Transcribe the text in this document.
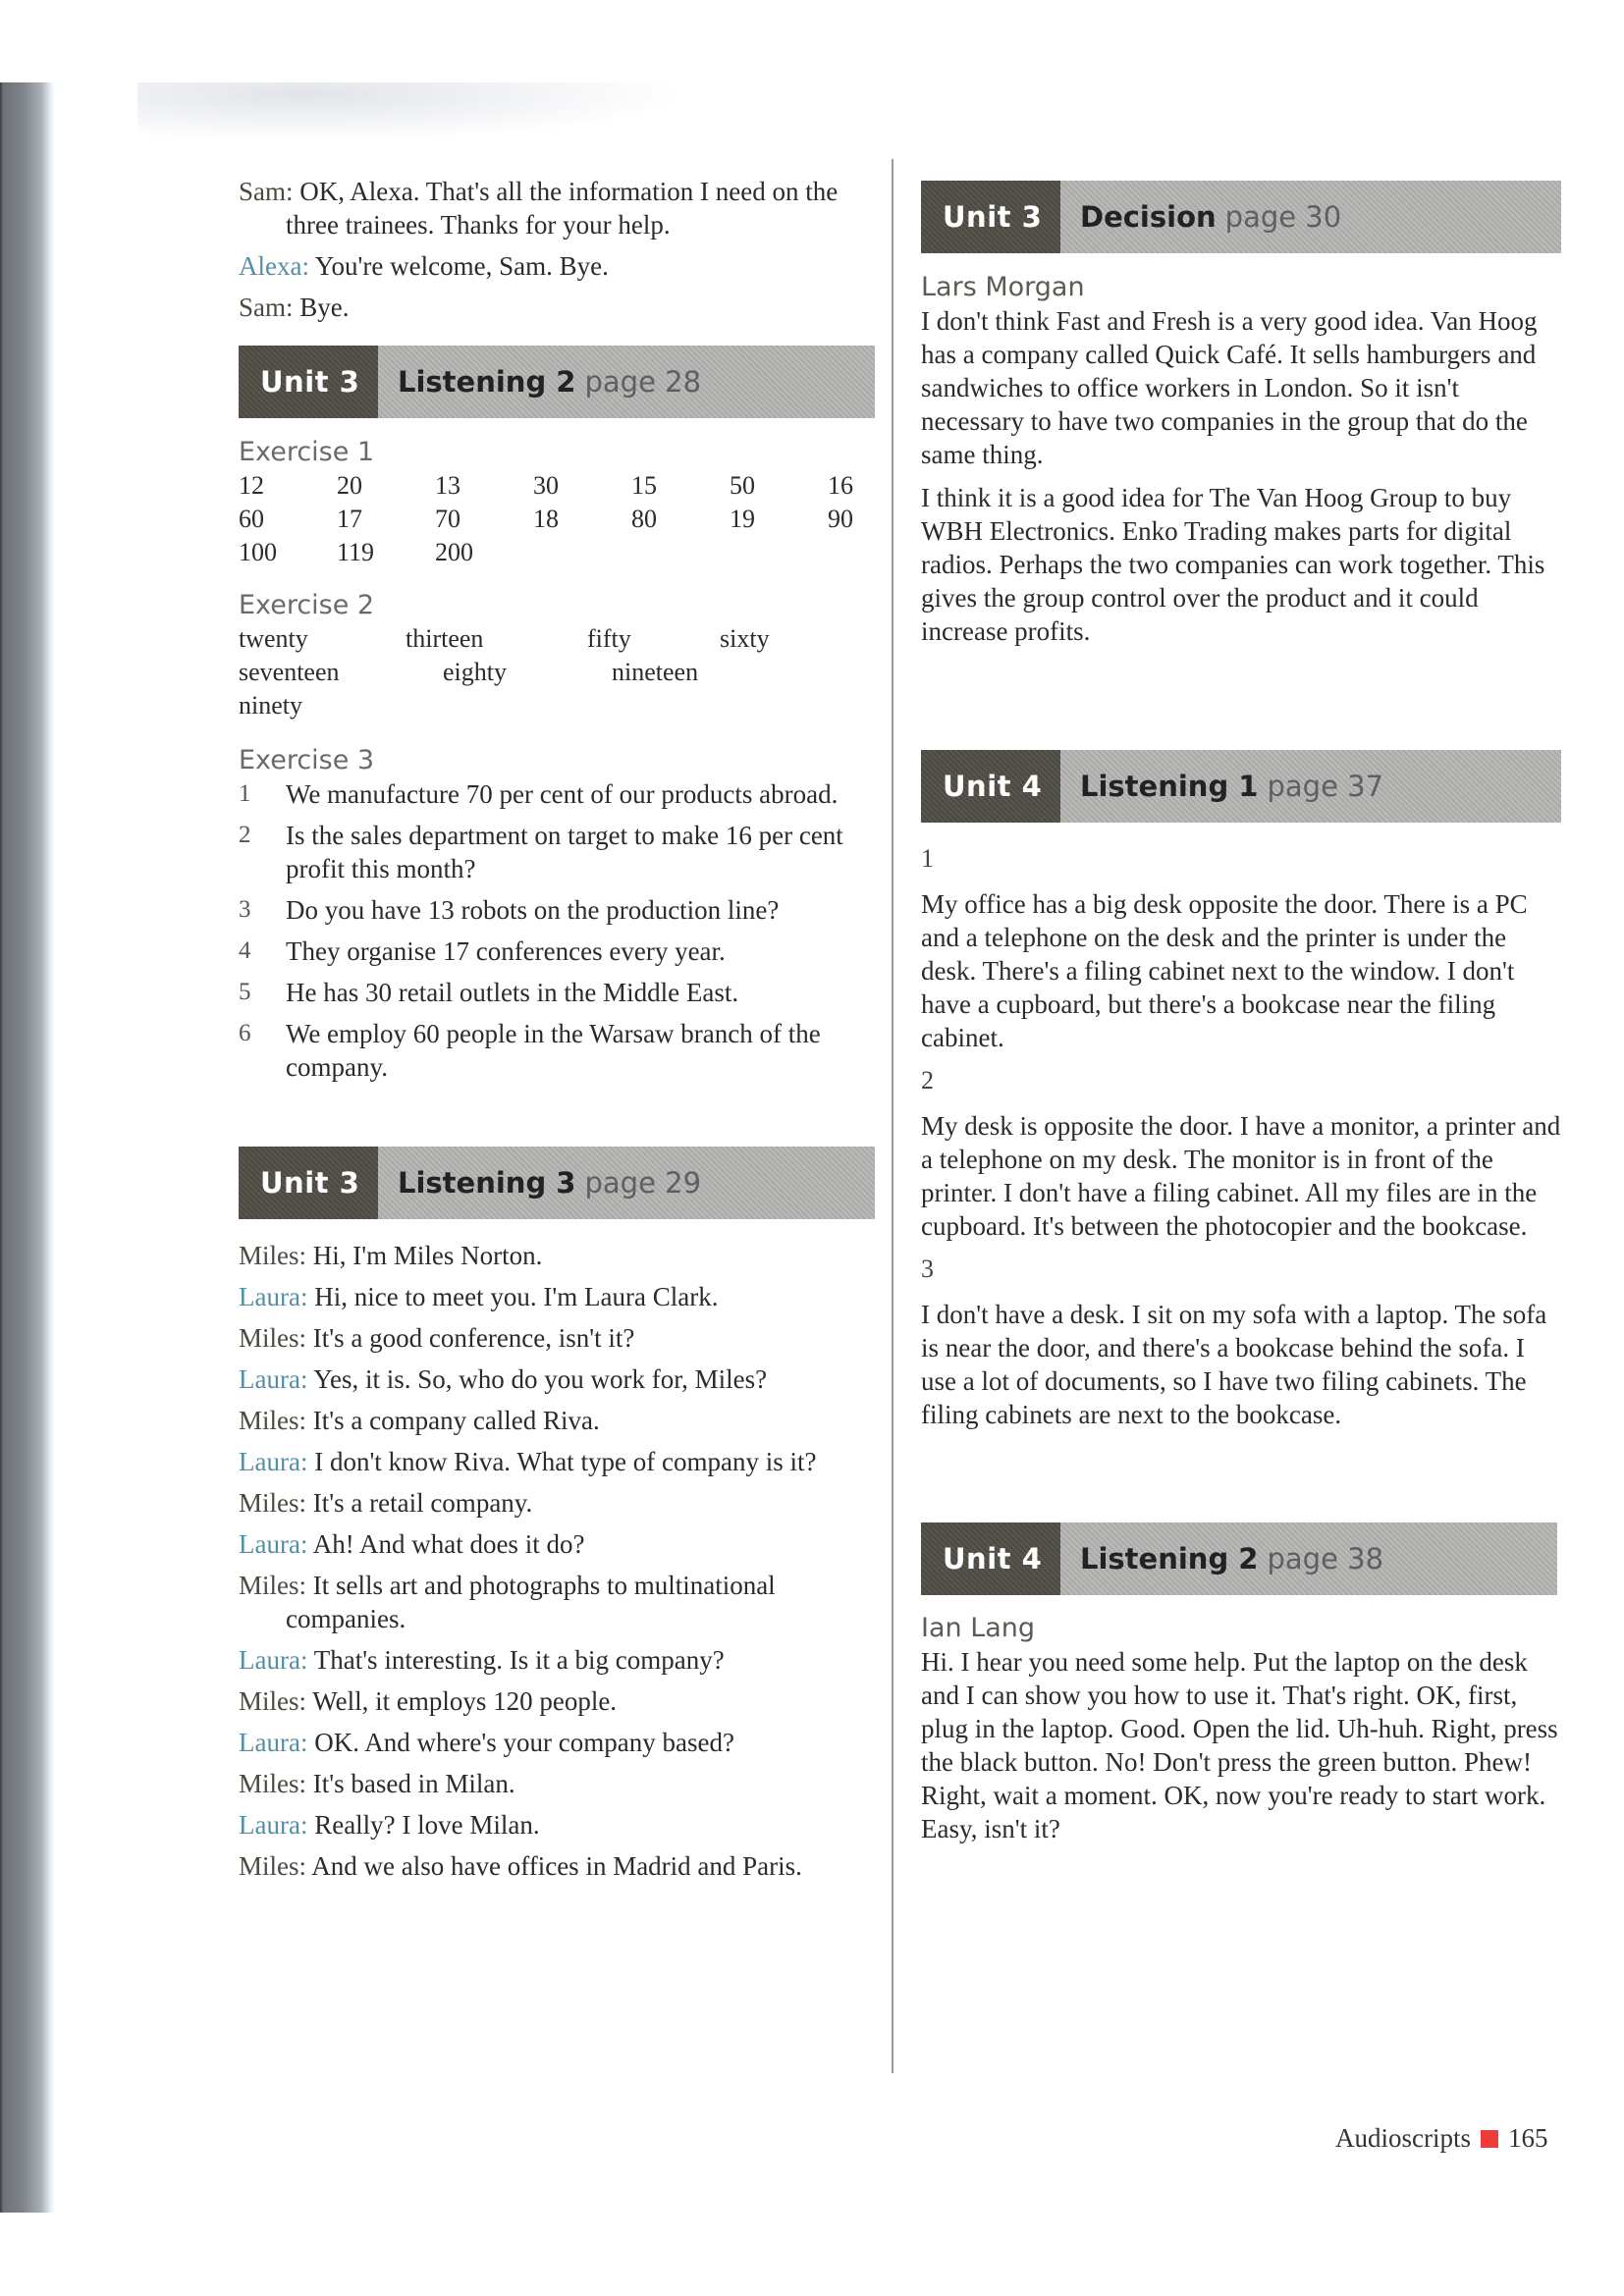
Sam: OK, Alexa. That's all the information I need on the three trainees. Thanks for your help.

Alexa: You're welcome, Sam. Bye.

Sam: Bye.

Unit 3	Listening 2 page 28
Exercise 1
12	20	13	30	15	50	16
60	17	70	18	80	19	90
100 119 200
Exercise 2
twenty	thirteen	fifty	sixty
seventeen	eighty	nineteen
ninety
Exercise 3
1 We manufacture 70 per cent of our products abroad.
2 Is the sales department on target to make 16 per cent profit this month?
3 Do you have 13 robots on the production line?
4 They organise 17 conferences every year.
5 He has 30 retail outlets in the Middle East.
6 We employ 60 people in the Warsaw branch of the company.
Unit 3	Listening 3 page 29

Miles: Hi, I'm Miles Norton.

Laura: Hi, nice to meet you. I'm Laura Clark.

Miles: It's a good conference, isn't it?

Laura: Yes, it is. So, who do you work for, Miles?

Miles: It's a company called Riva.

Laura: I don't know Riva. What type of company is it?

Miles: It's a retail company.

Laura: Ah! And what does it do?

Miles: It sells art and photographs to multinational companies.

Laura: That's interesting. Is it a big company?

Miles: Well, it employs 120 people.

Laura: OK. And where's your company based?

Miles: It's based in Milan.

Laura: Really? I love Milan.

Miles: And we also have offices in Madrid and Paris.

Unit 3	Decision page 30
Lars Morgan

I don't think Fast and Fresh is a very good idea. Van Hoog has a company called Quick Café. It sells hamburgers and sandwiches to office workers in London. So it isn't necessary to have two companies in the group that do the same thing.

I think it is a good idea for The Van Hoog Group to buy WBH Electronics. Enko Trading makes parts for digital radios. Perhaps the two companies can work together. This gives the group control over the product and it could increase profits.

Unit 4	Listening 1 page 37
1

My office has a big desk opposite the door. There is a PC and a telephone on the desk and the printer is under the desk. There's a filing cabinet next to the window. I don't have a cupboard, but there's a bookcase near the filing cabinet.

2

My desk is opposite the door. I have a monitor, a printer and a telephone on my desk. The monitor is in front of the printer. I don't have a filing cabinet. All my files are in the cupboard. It's between the photocopier and the bookcase.

3

I don't have a desk. I sit on my sofa with a laptop. The sofa is near the door, and there's a bookcase behind the sofa. I use a lot of documents, so I have two filing cabinets. The filing cabinets are next to the bookcase.

Unit 4	Listening 2 page 38
Ian Lang

Hi. I hear you need some help. Put the laptop on the desk and I can show you how to use it. That's right. OK, first, plug in the laptop. Good. Open the lid. Uh-huh. Right, press the black button. No! Don't press the green button. Phew! Right, wait a moment. OK, now you're ready to start work. Easy, isn't it?

Audioscripts 165
